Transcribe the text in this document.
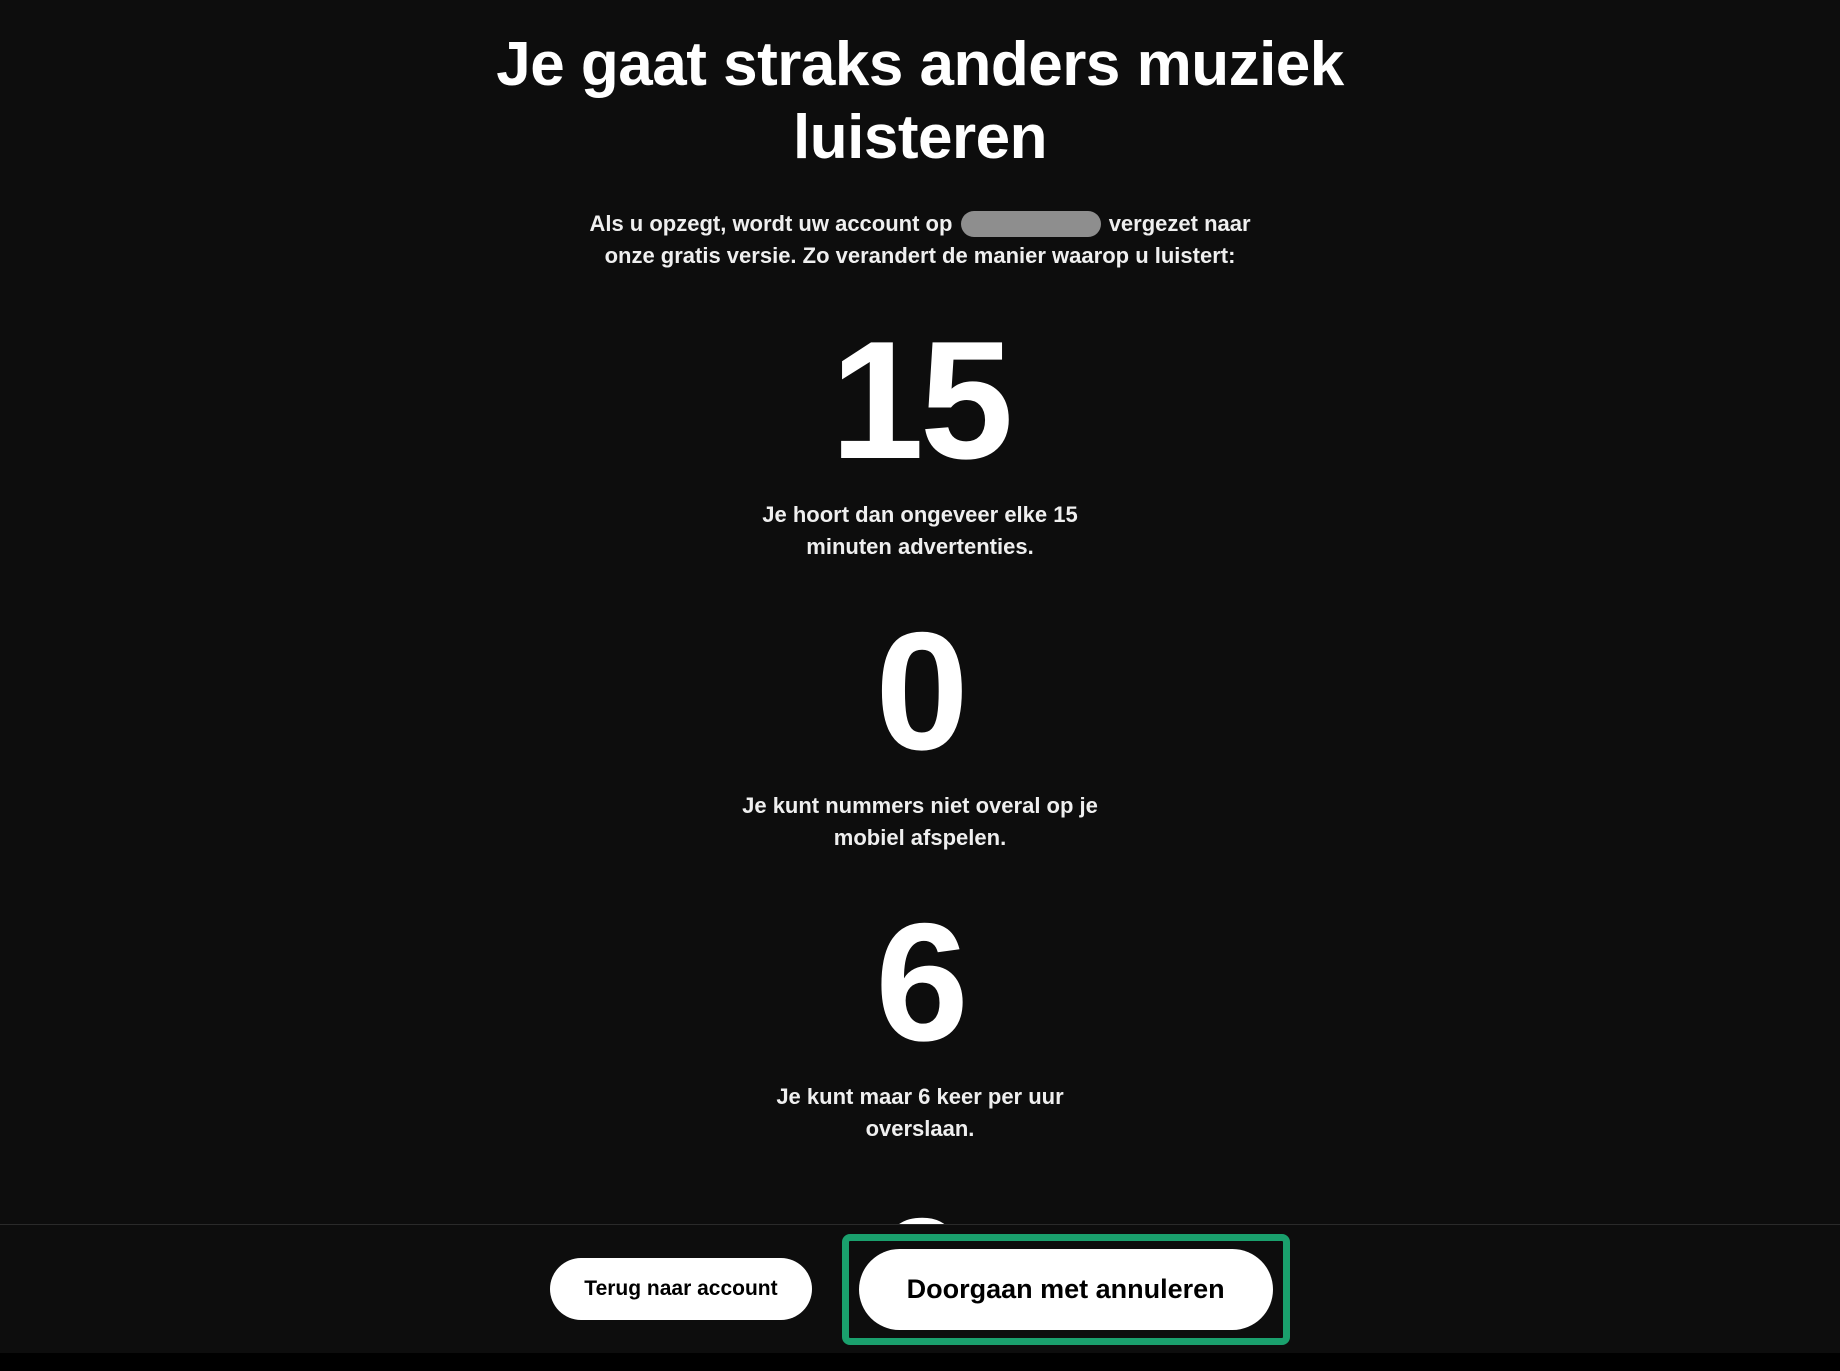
Je gaat straks anders muziek luisteren

Als u opzegt, wordt uw account op	vergezet naar onze gratis versie. Zo verandert de manier waarop u luistert:

15
Je hoort dan ongeveer elke 15 minuten advertenties.
0
Je kunt nummers niet overal op je mobiel afspelen.
6
Je kunt maar 6 keer per uur overslaan.
Terug naar account	Doorgaan met annuleren
